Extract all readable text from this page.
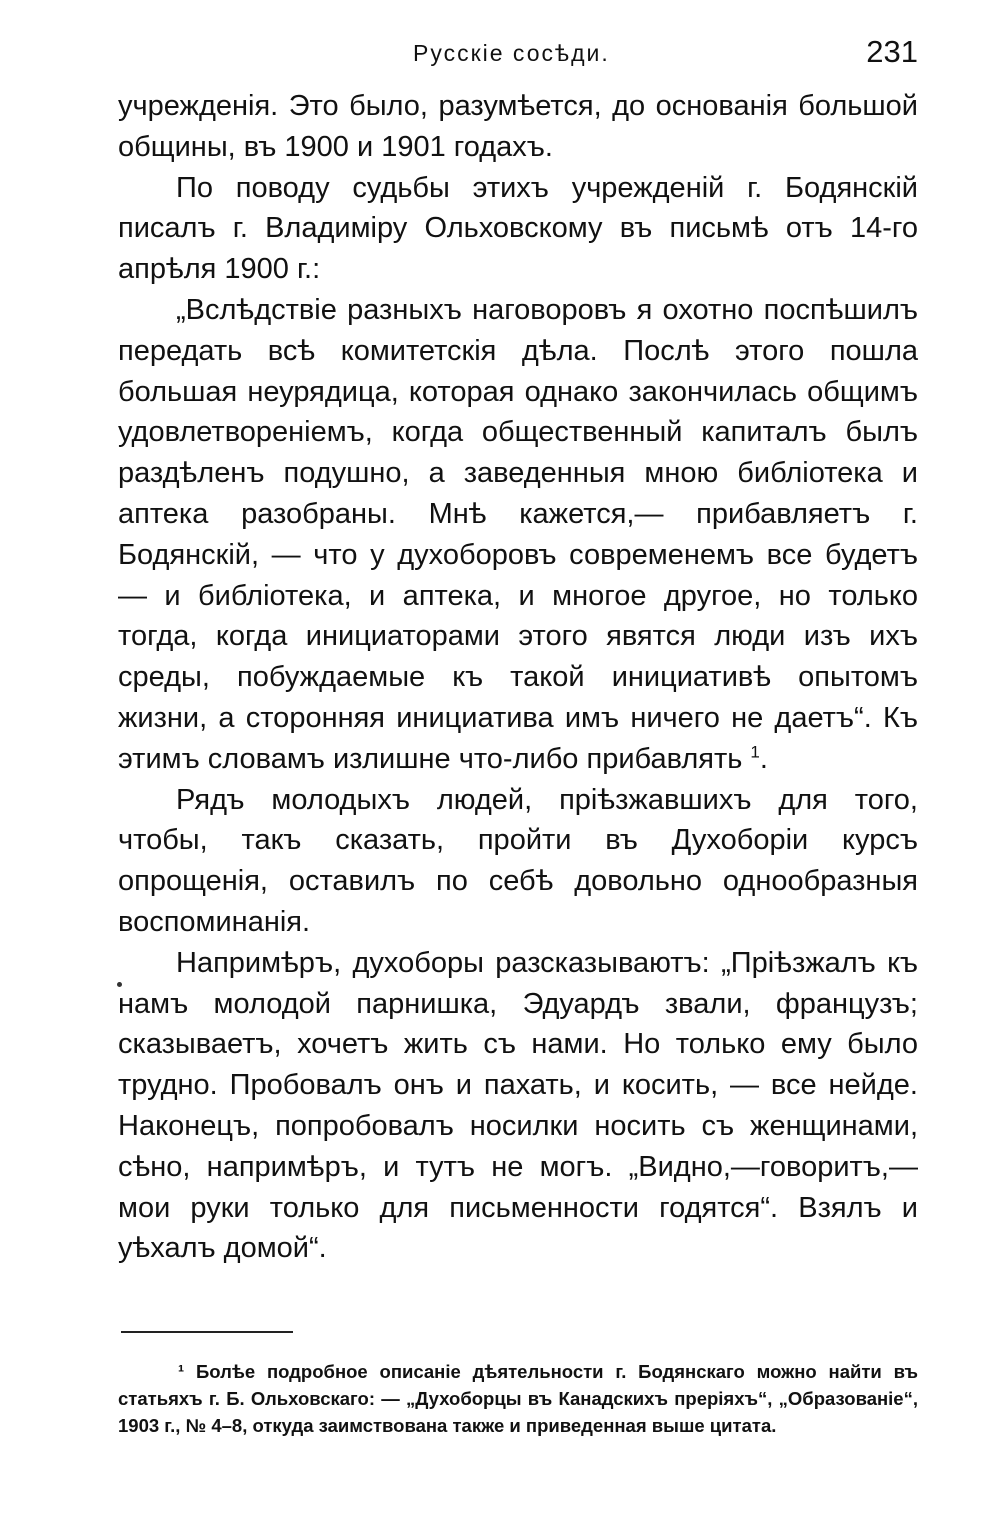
Русскiе сосѣди.	231

учрежденiя. Это было, разумѣется, до основанiя большой общины, въ 1900 и 1901 годахъ.

По поводу судьбы этихъ учрежденiй г. Бодянскiй писалъ г. Владимiру Ольховскому въ письмѣ отъ 14-го апрѣля 1900 г.:

„Вслѣдствiе разныхъ наговоровъ я охотно поспѣшилъ передать всѣ комитетскiя дѣла. Послѣ этого пошла большая неурядица, которая однако закончилась общимъ удовлетворенiемъ, когда общественный капиталъ былъ раздѣленъ подушно, а заведенныя мною библiотека и аптека разобраны. Мнѣ кажется,— прибавляетъ г. Бодянскiй, — что у духоборовъ современемъ все будетъ — и библiотека, и аптека, и многое другое, но только тогда, когда инициаторами этого явятся люди изъ ихъ среды, побуждаемые къ такой инициативѣ опытомъ жизни, а сторонняя инициатива имъ ничего не даетъ“. Къ этимъ словамъ излишне что-либо прибавлять $^1$.

Рядъ молодыхъ людей, прiѣзжавшихъ для того, чтобы, такъ сказать, пройти въ Духоборiи курсъ опрощенiя, оставилъ по себѣ довольно однообразныя воспоминанiя.

Напримѣръ, духоборы разсказываютъ: „Прiѣзжалъ къ намъ молодой парнишка, Эдуардъ звали, французъ; сказываетъ, хочетъ жить съ нами. Но только ему было трудно. Пробовалъ онъ и пахать, и косить, — все нейде. Наконецъ, попробовалъ носилки носить съ женщинами, сѣно, напримѣръ, и тутъ не могъ. „Видно,—говоритъ,—мои руки только для письменности годятся“. Взялъ и уѣхалъ домой“.

¹ Болѣе подробное описанiе дѣятельности г. Бодянскаго можно найти въ статьяхъ г. Б. Ольховскаго: — „Духоборцы въ Канадскихъ прерiяхъ“, „Образованiе“, 1903 г., № 4–8, откуда заимствована также и приведенная выше цитата.
